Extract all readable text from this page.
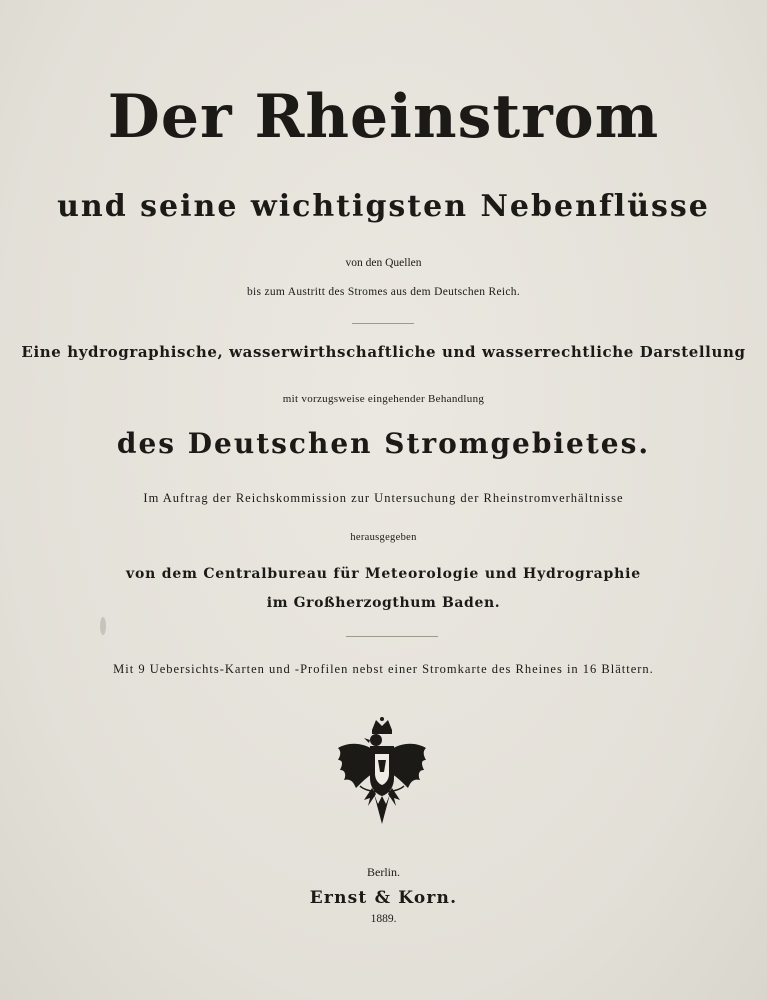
Der Rheinstrom
und seine wichtigsten Nebenflüsse
von den Quellen
bis zum Austritt des Stromes aus dem Deutschen Reich.
Eine hydrographische, wasserwirthschaftliche und wasserrechtliche Darstellung
mit vorzugsweise eingehender Behandlung
des Deutschen Stromgebietes.
Im Auftrag der Reichskommission zur Untersuchung der Rheinstromverhältnisse
herausgegeben
von dem Centralbureau für Meteorologie und Hydrographie
im Großherzogthum Baden.
Mit 9 Uebersichts-Karten und -Profilen nebst einer Stromkarte des Rheines in 16 Blättern.
Berlin.
Ernst & Korn.
1889.
